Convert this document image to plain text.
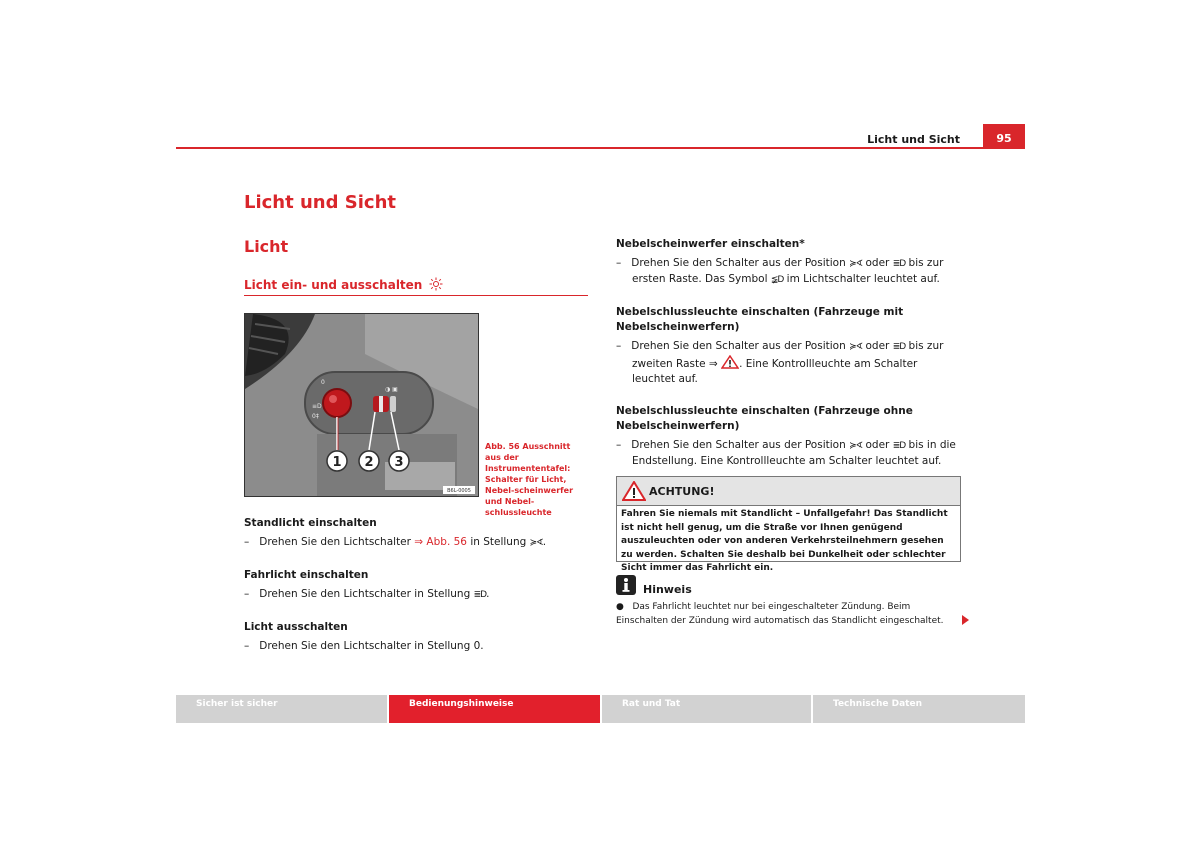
Licht und Sicht	95
Licht und Sicht
Licht
Licht ein- und ausschalten
0
≡D
0‡
◑ ▣
1 2 3
B6L-0005
Abb. 56 Ausschnitt aus der Instrumententafel: Schalter für Licht, Nebel-scheinwerfer und Nebel-schlussleuchte
Standlicht einschalten
–   Drehen Sie den Lichtschalter ⇒ Abb. 56 in Stellung ≽∢.
Fahrlicht einschalten
–   Drehen Sie den Lichtschalter in Stellung ≣D.
Licht ausschalten
–   Drehen Sie den Lichtschalter in Stellung 0.
Nebelscheinwerfer einschalten*
–   Drehen Sie den Schalter aus der Position ≽∢ oder ≣D bis zur ersten Raste. Das Symbol ≨D im Lichtschalter leuchtet auf.
Nebelschlussleuchte einschalten (Fahrzeuge mit Nebelscheinwerfern)
–   Drehen Sie den Schalter aus der Position ≽∢ oder ≣D bis zur zweiten Raste ⇒ . Eine Kontrollleuchte am Schalter leuchtet auf.
Nebelschlussleuchte einschalten (Fahrzeuge ohne Nebelscheinwerfern)
–   Drehen Sie den Schalter aus der Position ≽∢ oder ≣D bis in die Endstellung. Eine Kontrollleuchte am Schalter leuchtet auf.
ACHTUNG!
Fahren Sie niemals mit Standlicht – Unfallgefahr! Das Standlicht ist nicht hell genug, um die Straße vor Ihnen genügend auszuleuchten oder von anderen Verkehrsteilnehmern gesehen zu werden. Schalten Sie deshalb bei Dunkelheit oder schlechter Sicht immer das Fahrlicht ein.
Hinweis
●   Das Fahrlicht leuchtet nur bei eingeschalteter Zündung. Beim Einschalten der Zündung wird automatisch das Standlicht eingeschaltet.
Sicher ist sicher	Bedienungshinweise	Rat und Tat	Technische Daten
